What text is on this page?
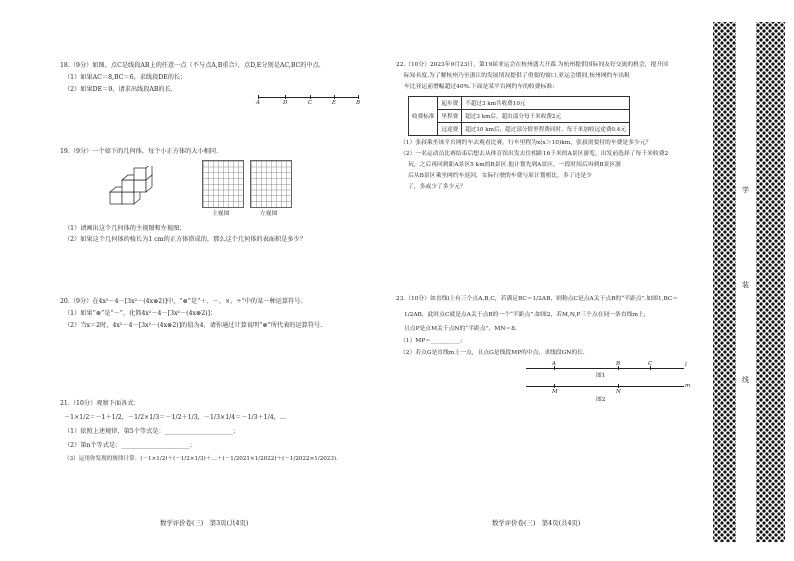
18.（9分）如图，点C是线段AB上的任意一点（不与点A,B重合），点D,E分别是AC,BC的中点.
（1）如果AC＝8,BC＝6，求线段DE的长；
（2）如果DE＝9，请求出线段AB的长.
A	D	C	E	B
19.（9分）一个如下的几何体，每个小正方体的大小相同.
主视图	左视图
（1）请画出这个几何体的主视图和左视图；
（2）如果这个几何体的棱长为1 cm的正方体搭成的，那么这个几何体的表面积是多少？
20.（9分）在4x²－4－[3x²－(4x⊗2)]中，“⊗”是“＋、－、×、÷”中的某一种运算符号.
（1）如果“⊗”是“－”，化简4x²－4－[3x²－(4x⊗2)]；
（2）当x＝2时，4x²－4－[3x²－(4x⊗2)]的值为4，请你通过计算说明“⊗”所代表的运算符号.
21.（10分）观察下面各式：
－1×1/2＝－1＋1/2，－1/2×1/3＝－1/2＋1/3，－1/3×1/4＝－1/3＋1/4，…
（1）依照上述规律，第5个等式是：______________________；
（2）第n个等式是：______________________；
（3）运用你发现的规律计算：(－1×1/2)＋(－1/2×1/3)＋…＋(－1/2021×1/2022)＋(－1/2022×1/2023).
数学评价卷(三)　第3页(共4页)
22.（10分）2023年9月23日，第19届亚运会在杭州盛大开幕.为杭州提供国际间友好交流的机会，提升国
际知名度.为了解杭州乃至浙江的发展情况提供了重要的窗口.亚运会期间,杭州网约车出租
车比亚运前增幅超过40%.下面是某平台网约车的收费标准：
收费标准	起步费	不超过3 km共收费10元
	里程费	超过3 km后，超出部分每千米收费2元
	远途费	超过10 km后，超过部分除里程费同时，每千米加收远途费0.4元
（1）张叔乘坐该平台网约车去观看比赛，行车里程为x(x＞10)km，张叔需要付的车费是多少元？
（2）一名运动员比赛结束后想去从体育馆出发去往相距16千米的A景区游览，出发前选择了每千米收费2
玩，之后再回到距A景区5 km的B景区.他计划先到A景区，一段时间后再到B景区游
后从B景区乘坐网约车返回，实际行驶的车费与原计划相比，多了还是少
了，多或少了多少元？
23.（10分）如直线l上有三个点A,B,C，若满足BC＝1/2AB，则称点C是点A关于点B的“半距点”.如图1,BC＝
1/2AB，此时点C就是点A关于点B的一个“半距点”.如图2，若M,N,P三个点在同一条直线m上，
且点P是点M关于点N的“半距点”，MN＝8.
（1）MP＝__________；
（2）若点G是直线m上一点，且点G是线段MP的中点，求线段GN的长.
A	B	C	l
图1
M	N
m
图2
数学评价卷(三)　第4页(共4页)
学
装
线
